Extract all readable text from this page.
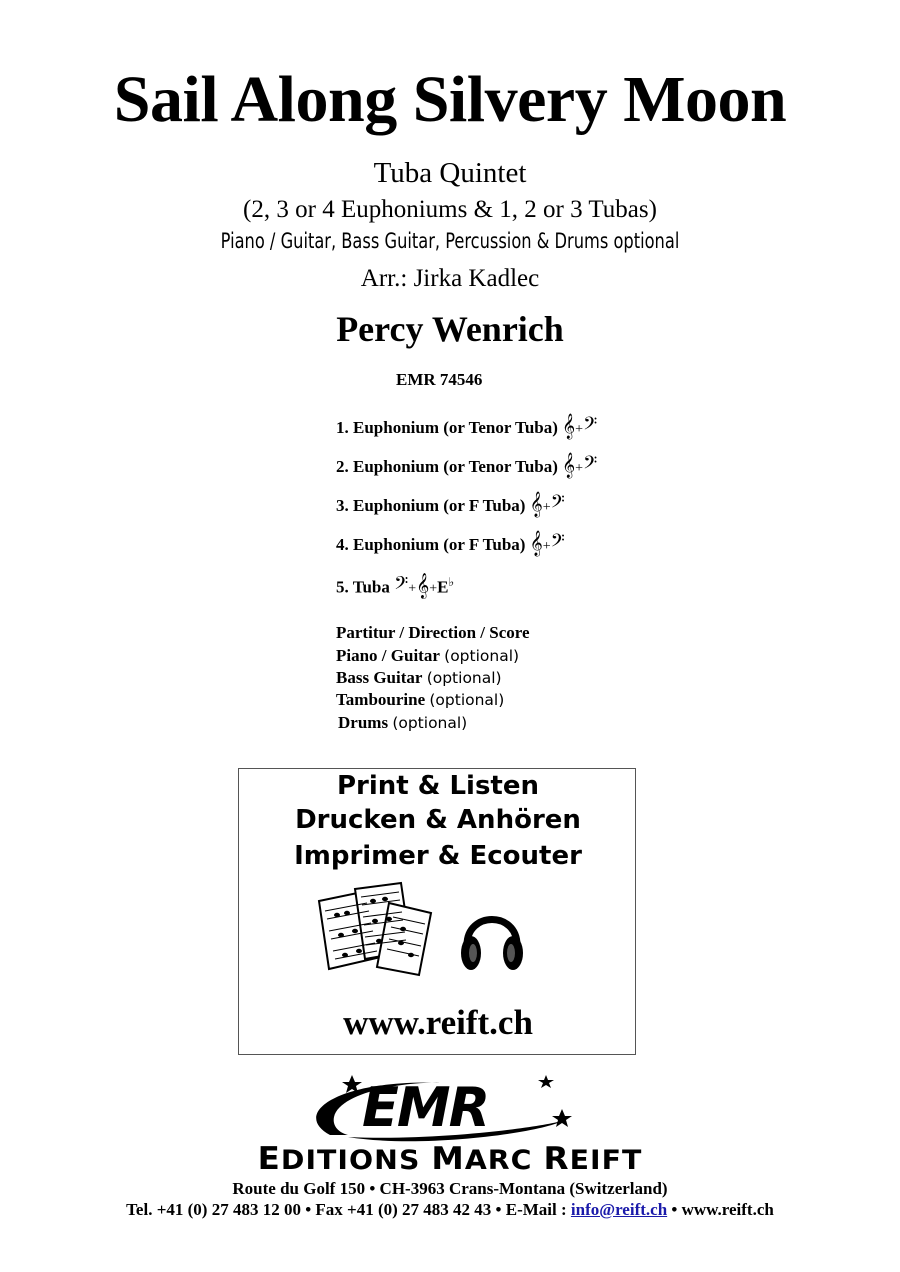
Sail Along Silvery Moon
Tuba Quintet
(2, 3 or 4 Euphoniums & 1, 2 or 3 Tubas)
Piano / Guitar, Bass Guitar, Percussion & Drums optional
Arr.: Jirka Kadlec
Percy Wenrich
EMR 74546
1. Euphonium (or Tenor Tuba) 𝄞+𝄢
2. Euphonium (or Tenor Tuba) 𝄞+𝄢
3. Euphonium (or F Tuba) 𝄞+𝄢
4. Euphonium (or F Tuba) 𝄞+𝄢
5. Tuba 𝄢+𝄞+E♭
Partitur / Direction / Score
Piano / Guitar (optional)
Bass Guitar (optional)
Tambourine (optional)
Drums (optional)
Print & Listen
Drucken & Anhören
Imprimer & Ecouter
www.reift.ch
EMR
EDITIONS MARC REIFT
Route du Golf 150 • CH-3963 Crans-Montana (Switzerland)
Tel. +41 (0) 27 483 12 00 • Fax +41 (0) 27 483 42 43 • E-Mail : info@reift.ch • www.reift.ch
